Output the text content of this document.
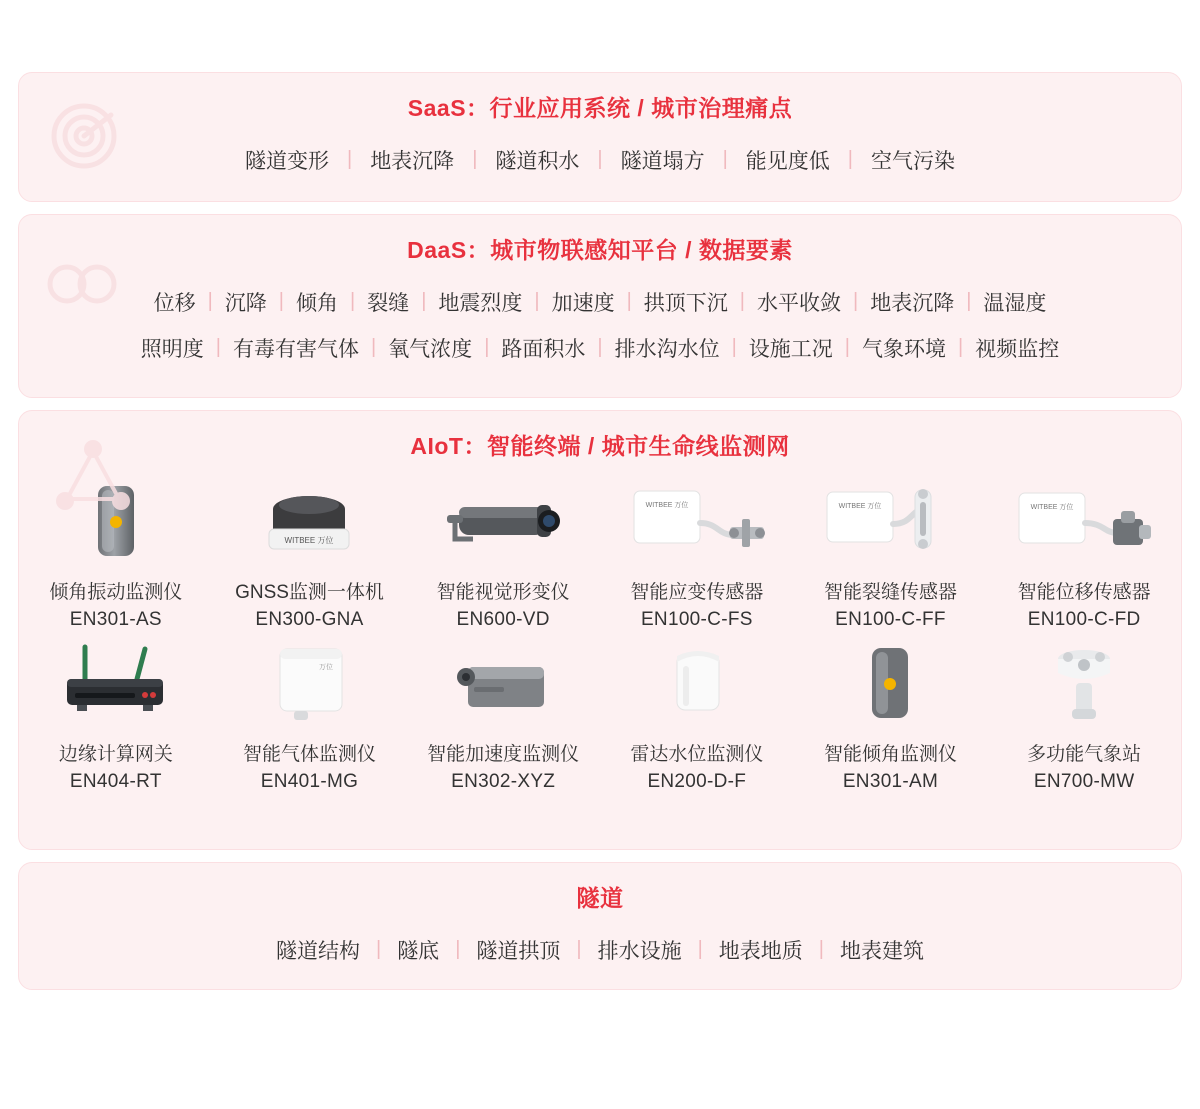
SaaS：行业应用系统 / 城市治理痛点
隧道变形 | 地表沉降 | 隧道积水 | 隧道塌方 | 能见度低 | 空气污染
DaaS：城市物联感知平台 / 数据要素
位移 | 沉降 | 倾角 | 裂缝 | 地震烈度 | 加速度 | 拱顶下沉 | 水平收敛 | 地表沉降 | 温湿度
照明度 | 有毒有害气体 | 氧气浓度 | 路面积水 | 排水沟水位 | 设施工况 | 气象环境 | 视频监控
AIoT：智能终端 / 城市生命线监测网
倾角振动监测仪
EN301-AS
WITBEE 万位
GNSS监测一体机
EN300-GNA
智能视觉形变仪
EN600-VD
WITBEE 万位
智能应变传感器
EN100-C-FS
WITBEE 万位
智能裂缝传感器
EN100-C-FF
WITBEE 万位
智能位移传感器
EN100-C-FD
边缘计算网关
EN404-RT
万位
智能气体监测仪
EN401-MG
智能加速度监测仪
EN302-XYZ
雷达水位监测仪
EN200-D-F
智能倾角监测仪
EN301-AM
多功能气象站
EN700-MW
隧道
隧道结构 | 隧底 | 隧道拱顶 | 排水设施 | 地表地质 | 地表建筑
